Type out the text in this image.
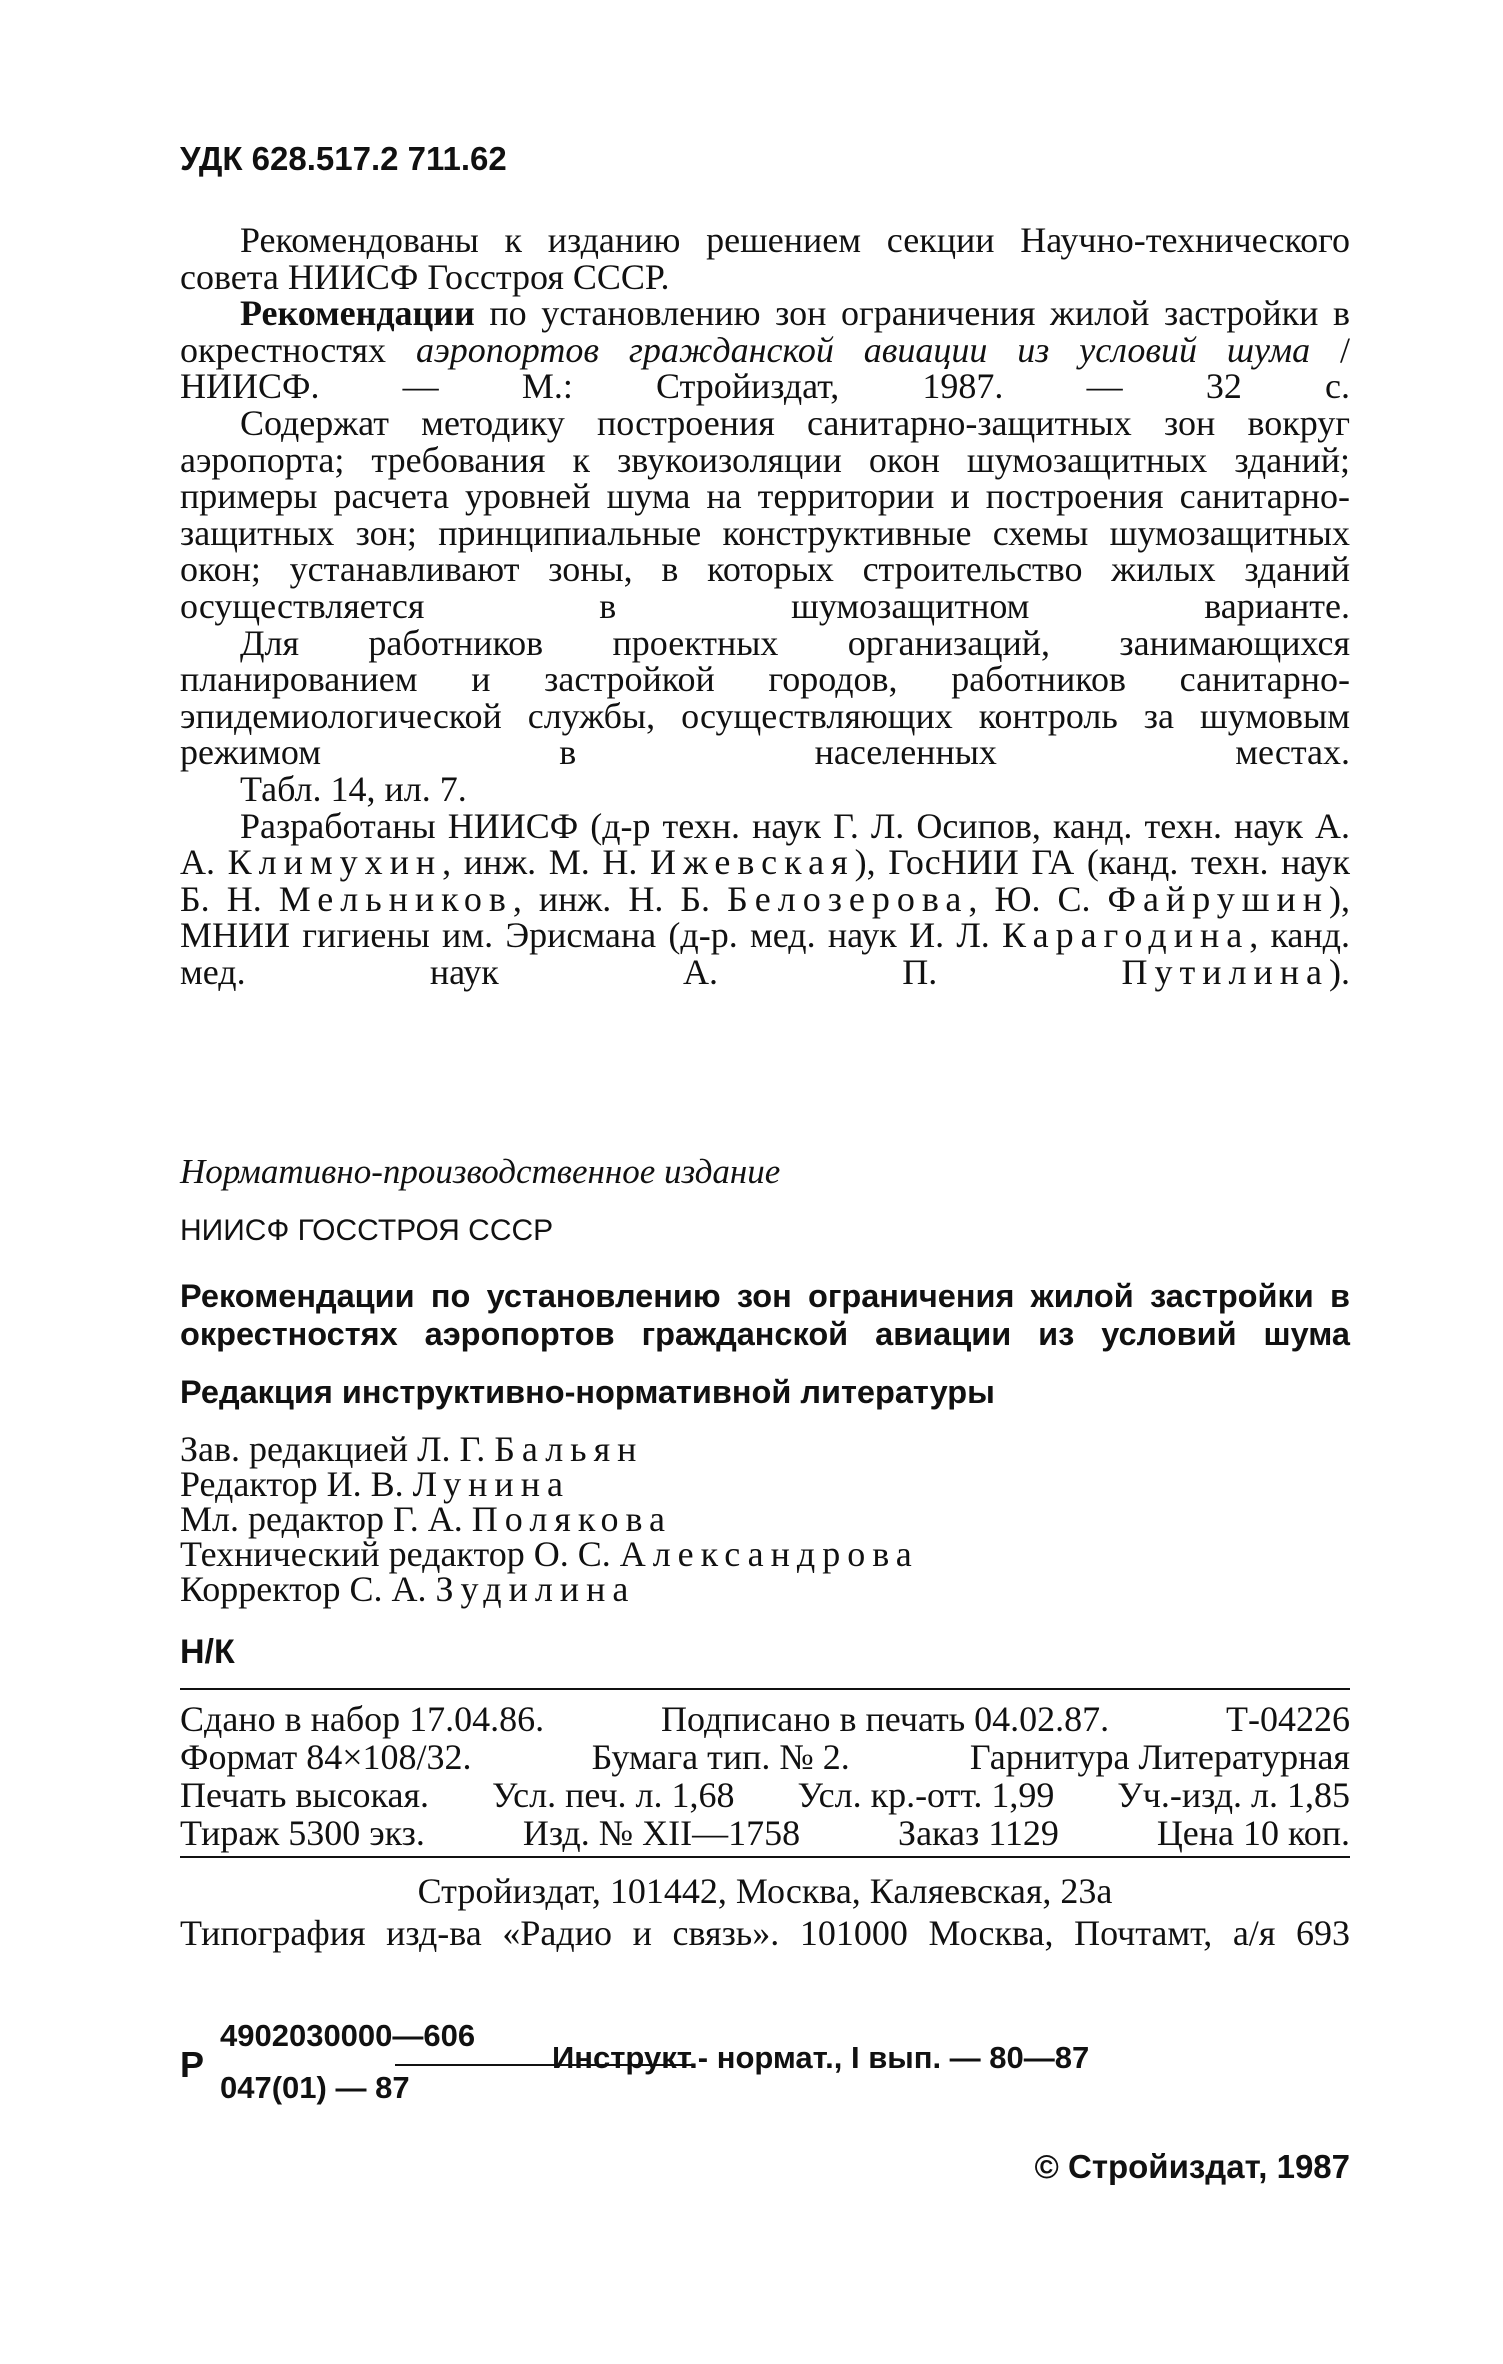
УДК 628.517.2 711.62

Рекомендованы к изданию решением секции Научно-технического совета НИИСФ Госстроя СССР.

Рекомендации по установлению зон ограничения жилой застройки в окрестностях аэропортов гражданской авиации из условий шума / НИИСФ. — М.: Стройиздат, 1987. — 32 с.

Содержат методику построения санитарно-защитных зон вокруг аэропорта; требования к звукоизоляции окон шумозащитных зданий; примеры расчета уровней шума на территории и построения санитарно-защитных зон; принципиальные конструктивные схемы шумозащитных окон; устанавливают зоны, в которых строительство жилых зданий осуществляется в шумозащитном варианте.

Для работников проектных организаций, занимающихся планированием и застройкой городов, работников санитарно-эпидемиологической службы, осуществляющих контроль за шумовым режимом в населенных местах.

Табл. 14, ил. 7.

Разработаны НИИСФ (д-р техн. наук Г. Л. Осипов, канд. техн. наук А. А. Климухин, инж. М. Н. Ижевская), ГосНИИ ГА (канд. техн. наук Б. Н. Мельников, инж. Н. Б. Белозерова, Ю. С. Файрушин), МНИИ гигиены им. Эрисмана (д-р. мед. наук И. Л. Карагодина, канд. мед. наук А. П. Путилина).

Нормативно-производственное издание
НИИСФ ГОССТРОЯ СССР
Рекомендации по установлению зон ограничения жилой застройки в окрестностях аэропортов гражданской авиации из условий шума
Редакция инструктивно-нормативной литературы
Зав. редакцией Л. Г. Бальян
Редактор И. В. Лунина
Мл. редактор Г. А. Полякова
Технический редактор О. С. Александрова
Корректор С. А. Зудилина
Н/К
Сдано в набор 17.04.86.	Подписано в печать 04.02.87.	Т-04226
Формат 84×108/32.	Бумага тип. № 2.	Гарнитура Литературная
Печать высокая. Усл. печ. л. 1,68 Усл. кр.-отт. 1,99 Уч.-изд. л. 1,85
Тираж 5300 экз.	Изд. № XII—1758	Заказ 1129	Цена 10 коп.
Стройиздат, 101442, Москва, Каляевская, 23а
Типография изд-ва «Радио и связь». 101000 Москва, Почтамт, а/я 693
Р
4902030000—606
047(01) — 87
Инструкт.- нормат., I вып. — 80—87
© Стройиздат, 1987
